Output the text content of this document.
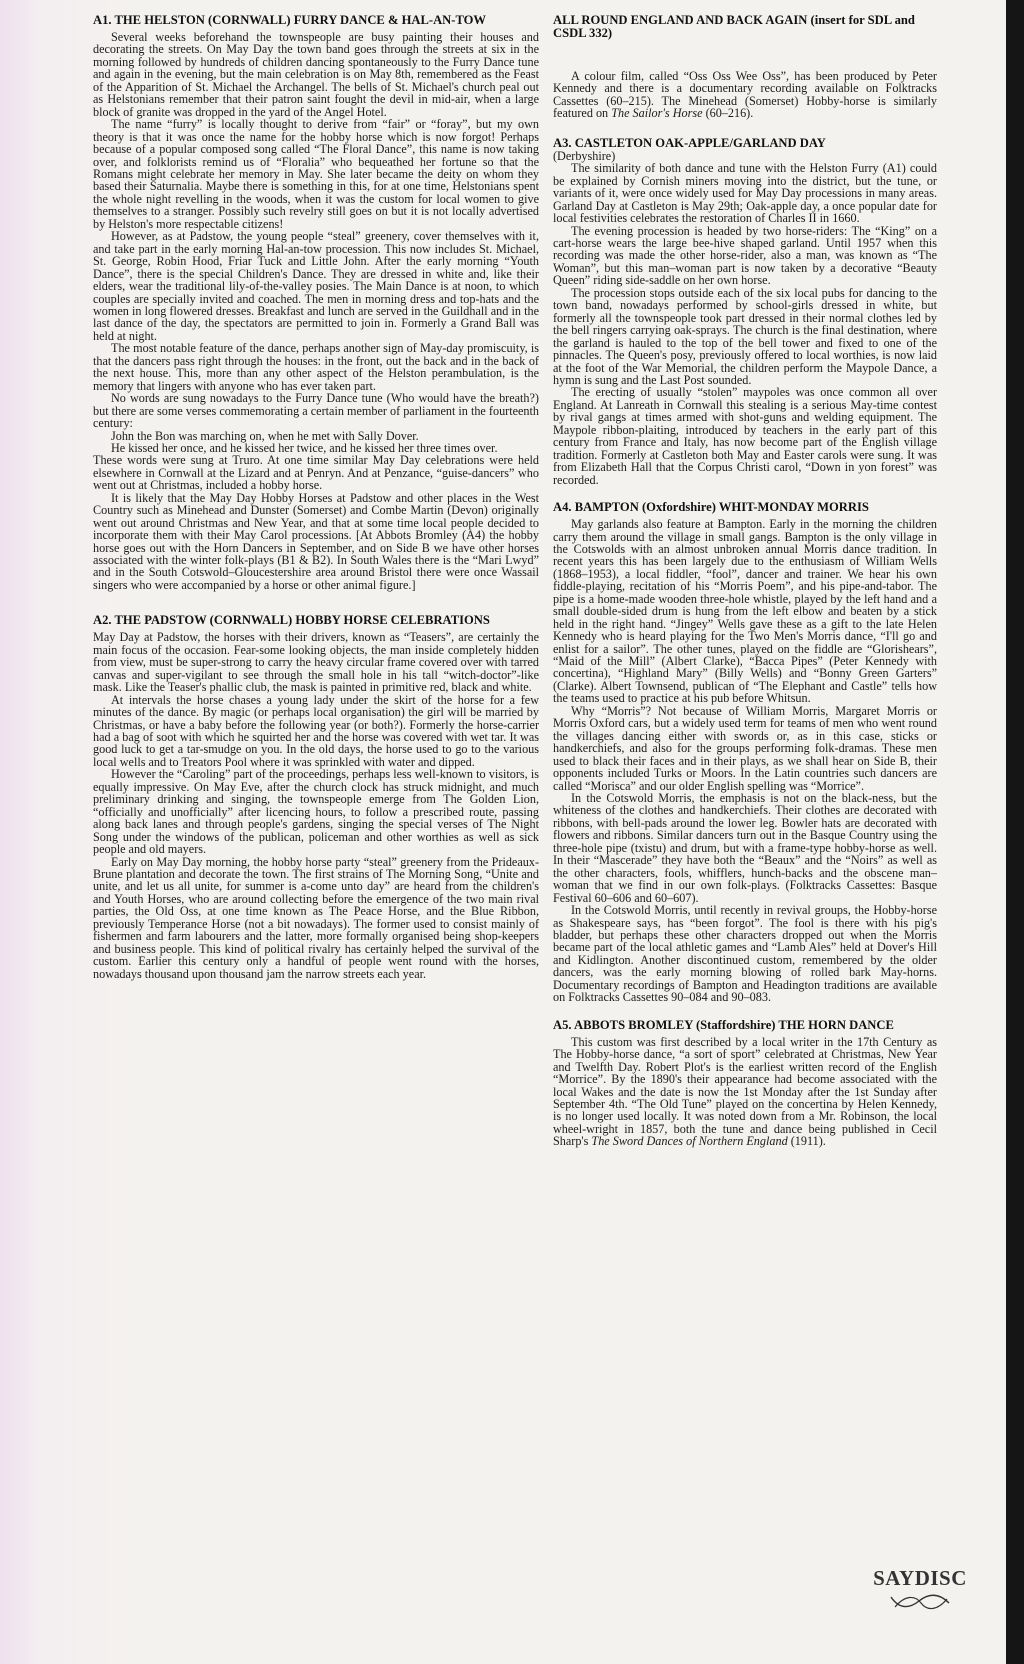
A1. THE HELSTON (CORNWALL) FURRY DANCE & HAL-AN-TOW

Several weeks beforehand the townspeople are busy painting their houses and decorating the streets. On May Day the town band goes through the streets at six in the morning followed by hundreds of children dancing spontaneously to the Furry Dance tune and again in the evening, but the main celebration is on May 8th, remembered as the Feast of the Apparition of St. Michael the Archangel. The bells of St. Michael's church peal out as Helstonians remember that their patron saint fought the devil in mid-air, when a large block of granite was dropped in the yard of the Angel Hotel.

The name “furry” is locally thought to derive from “fair” or “foray”, but my own theory is that it was once the name for the hobby horse which is now forgot! Perhaps because of a popular composed song called “The Floral Dance”, this name is now taking over, and folklorists remind us of “Floralia” who bequeathed her fortune so that the Romans might celebrate her memory in May. She later became the deity on whom they based their Saturnalia. Maybe there is something in this, for at one time, Helstonians spent the whole night revelling in the woods, when it was the custom for local women to give themselves to a stranger. Possibly such revelry still goes on but it is not locally advertised by Helston's more respectable citizens!

However, as at Padstow, the young people “steal” greenery, cover themselves with it, and take part in the early morning Hal-an-tow procession. This now includes St. Michael, St. George, Robin Hood, Friar Tuck and Little John. After the early morning “Youth Dance”, there is the special Children's Dance. They are dressed in white and, like their elders, wear the traditional lily-of-the-valley posies. The Main Dance is at noon, to which couples are specially invited and coached. The men in morning dress and top-hats and the women in long flowered dresses. Breakfast and lunch are served in the Guildhall and in the last dance of the day, the spectators are permitted to join in. Formerly a Grand Ball was held at night.

The most notable feature of the dance, perhaps another sign of May-day promiscuity, is that the dancers pass right through the houses: in the front, out the back and in the back of the next house. This, more than any other aspect of the Helston perambulation, is the memory that lingers with anyone who has ever taken part.

No words are sung nowadays to the Furry Dance tune (Who would have the breath?) but there are some verses commemorating a certain member of parliament in the fourteenth century:

John the Bon was marching on, when he met with Sally Dover.
He kissed her once, and he kissed her twice, and he kissed her three times over.

These words were sung at Truro. At one time similar May Day celebrations were held elsewhere in Cornwall at the Lizard and at Penryn. And at Penzance, “guise-dancers” who went out at Christmas, included a hobby horse.

It is likely that the May Day Hobby Horses at Padstow and other places in the West Country such as Minehead and Dunster (Somerset) and Combe Martin (Devon) originally went out around Christmas and New Year, and that at some time local people decided to incorporate them with their May Carol processions. [At Abbots Bromley (A4) the hobby horse goes out with the Horn Dancers in September, and on Side B we have other horses associated with the winter folk-plays (B1 & B2). In South Wales there is the “Mari Lwyd” and in the South Cotswold–Gloucestershire area around Bristol there were once Wassail singers who were accompanied by a horse or other animal figure.]

A2. THE PADSTOW (CORNWALL) HOBBY HORSE CELEBRATIONS

May Day at Padstow, the horses with their drivers, known as “Teasers”, are certainly the main focus of the occasion. Fear-some looking objects, the man inside completely hidden from view, must be super-strong to carry the heavy circular frame covered over with tarred canvas and super-vigilant to see through the small hole in his tall “witch-doctor”-like mask. Like the Teaser's phallic club, the mask is painted in primitive red, black and white.

At intervals the horse chases a young lady under the skirt of the horse for a few minutes of the dance. By magic (or perhaps local organisation) the girl will be married by Christmas, or have a baby before the following year (or both?). Formerly the horse-carrier had a bag of soot with which he squirted her and the horse was covered with wet tar. It was good luck to get a tar-smudge on you. In the old days, the horse used to go to the various local wells and to Treators Pool where it was sprinkled with water and dipped.

However the “Caroling” part of the proceedings, perhaps less well-known to visitors, is equally impressive. On May Eve, after the church clock has struck midnight, and much preliminary drinking and singing, the townspeople emerge from The Golden Lion, “officially and unofficially” after licencing hours, to follow a prescribed route, passing along back lanes and through people's gardens, singing the special verses of The Night Song under the windows of the publican, policeman and other worthies as well as sick people and old mayers.

Early on May Day morning, the hobby horse party “steal” greenery from the Prideaux-Brune plantation and decorate the town. The first strains of The Morning Song, “Unite and unite, and let us all unite, for summer is a-come unto day” are heard from the children's and Youth Horses, who are around collecting before the emergence of the two main rival parties, the Old Oss, at one time known as The Peace Horse, and the Blue Ribbon, previously Temperance Horse (not a bit nowadays). The former used to consist mainly of fishermen and farm labourers and the latter, more formally organised being shop-keepers and business people. This kind of political rivalry has certainly helped the survival of the custom. Earlier this century only a handful of people went round with the horses, nowadays thousand upon thousand jam the narrow streets each year.

ALL ROUND ENGLAND AND BACK AGAIN (insert for SDL and CSDL 332)

A colour film, called “Oss Oss Wee Oss”, has been produced by Peter Kennedy and there is a documentary recording available on Folktracks Cassettes (60–215). The Minehead (Somerset) Hobby-horse is similarly featured on The Sailor's Horse (60–216).

A3. CASTLETON OAK-APPLE/GARLAND DAY
(Derbyshire)

The similarity of both dance and tune with the Helston Furry (A1) could be explained by Cornish miners moving into the district, but the tune, or variants of it, were once widely used for May Day processions in many areas. Garland Day at Castleton is May 29th; Oak-apple day, a once popular date for local festivities celebrates the restoration of Charles II in 1660.

The evening procession is headed by two horse-riders: The “King” on a cart-horse wears the large bee-hive shaped garland. Until 1957 when this recording was made the other horse-rider, also a man, was known as “The Woman”, but this man–woman part is now taken by a decorative “Beauty Queen” riding side-saddle on her own horse.

The procession stops outside each of the six local pubs for dancing to the town band, nowadays performed by school-girls dressed in white, but formerly all the townspeople took part dressed in their normal clothes led by the bell ringers carrying oak-sprays. The church is the final destination, where the garland is hauled to the top of the bell tower and fixed to one of the pinnacles. The Queen's posy, previously offered to local worthies, is now laid at the foot of the War Memorial, the children perform the Maypole Dance, a hymn is sung and the Last Post sounded.

The erecting of usually “stolen” maypoles was once common all over England. At Lanreath in Cornwall this stealing is a serious May-time contest by rival gangs at times armed with shot-guns and welding equipment. The Maypole ribbon-plaiting, introduced by teachers in the early part of this century from France and Italy, has now become part of the English village tradition. Formerly at Castleton both May and Easter carols were sung. It was from Elizabeth Hall that the Corpus Christi carol, “Down in yon forest” was recorded.

A4. BAMPTON (Oxfordshire) WHIT-MONDAY MORRIS

May garlands also feature at Bampton. Early in the morning the children carry them around the village in small gangs. Bampton is the only village in the Cotswolds with an almost unbroken annual Morris dance tradition. In recent years this has been largely due to the enthusiasm of William Wells (1868–1953), a local fiddler, “fool”, dancer and trainer. We hear his own fiddle-playing, recitation of his “Morris Poem”, and his pipe-and-tabor. The pipe is a home-made wooden three-hole whistle, played by the left hand and a small double-sided drum is hung from the left elbow and beaten by a stick held in the right hand. “Jingey” Wells gave these as a gift to the late Helen Kennedy who is heard playing for the Two Men's Morris dance, “I'll go and enlist for a sailor”. The other tunes, played on the fiddle are “Glorishears”, “Maid of the Mill” (Albert Clarke), “Bacca Pipes” (Peter Kennedy with concertina), “Highland Mary” (Billy Wells) and “Bonny Green Garters” (Clarke). Albert Townsend, publican of “The Elephant and Castle” tells how the teams used to practice at his pub before Whitsun.

Why “Morris”? Not because of William Morris, Margaret Morris or Morris Oxford cars, but a widely used term for teams of men who went round the villages dancing either with swords or, as in this case, sticks or handkerchiefs, and also for the groups performing folk-dramas. These men used to black their faces and in their plays, as we shall hear on Side B, their opponents included Turks or Moors. In the Latin countries such dancers are called “Morisca” and our older English spelling was “Morrice”.

In the Cotswold Morris, the emphasis is not on the black-ness, but the whiteness of the clothes and handkerchiefs. Their clothes are decorated with ribbons, with bell-pads around the lower leg. Bowler hats are decorated with flowers and ribbons. Similar dancers turn out in the Basque Country using the three-hole pipe (txistu) and drum, but with a frame-type hobby-horse as well. In their “Mascerade” they have both the “Beaux” and the “Noirs” as well as the other characters, fools, whifflers, hunch-backs and the obscene man–woman that we find in our own folk-plays. (Folktracks Cassettes: Basque Festival 60–606 and 60–607).

In the Cotswold Morris, until recently in revival groups, the Hobby-horse as Shakespeare says, has “been forgot”. The fool is there with his pig's bladder, but perhaps these other characters dropped out when the Morris became part of the local athletic games and “Lamb Ales” held at Dover's Hill and Kidlington. Another discontinued custom, remembered by the older dancers, was the early morning blowing of rolled bark May-horns. Documentary recordings of Bampton and Headington traditions are available on Folktracks Cassettes 90–084 and 90–083.

A5. ABBOTS BROMLEY (Staffordshire) THE HORN DANCE

This custom was first described by a local writer in the 17th Century as The Hobby-horse dance, “a sort of sport” celebrated at Christmas, New Year and Twelfth Day. Robert Plot's is the earliest written record of the English “Morrice”. By the 1890's their appearance had become associated with the local Wakes and the date is now the 1st Monday after the 1st Sunday after September 4th. “The Old Tune” played on the concertina by Helen Kennedy, is no longer used locally. It was noted down from a Mr. Robinson, the local wheel-wright in 1857, both the tune and dance being published in Cecil Sharp's The Sword Dances of Northern England (1911).

SAYDISC
